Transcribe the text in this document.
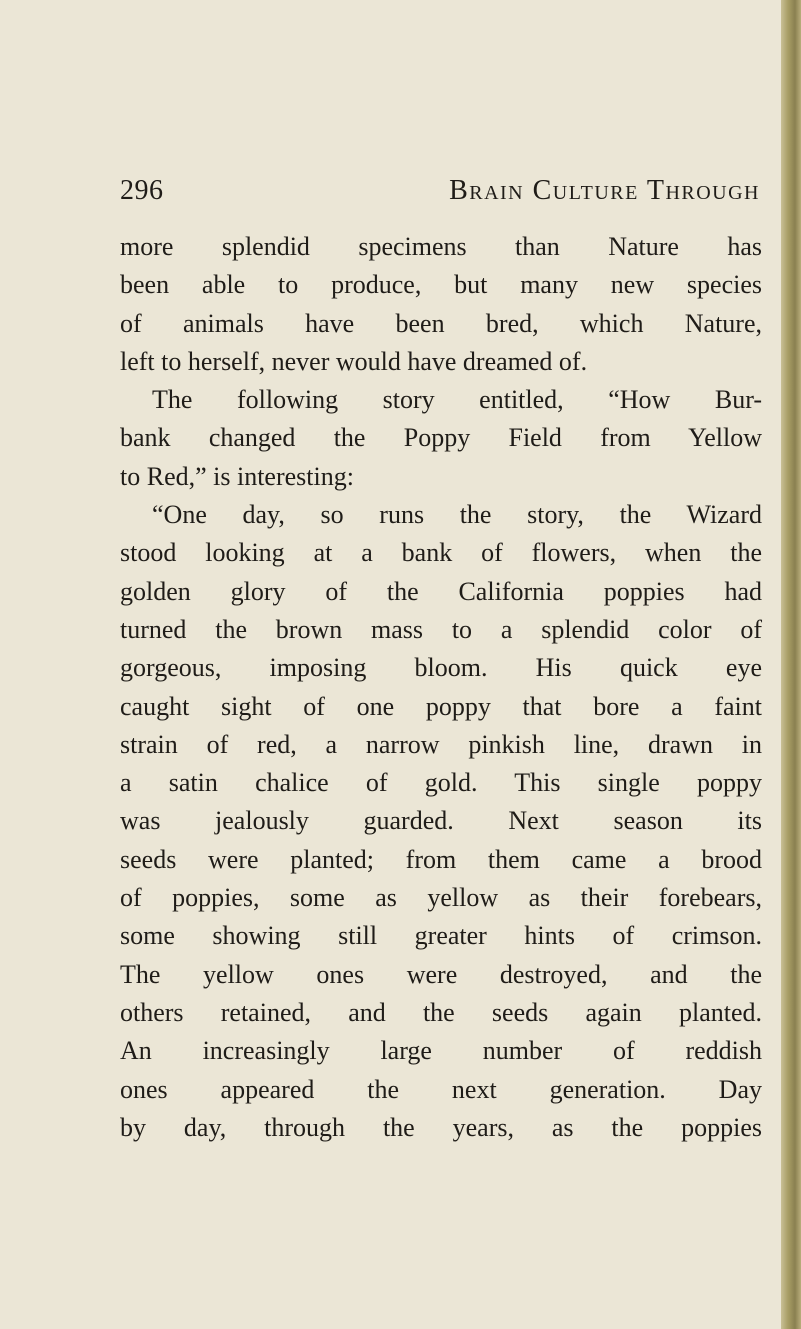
296	Brain Culture Through
more splendid specimens than Nature has
been able to produce, but many new species
of animals have been bred, which Nature,
left to herself, never would have dreamed of.
The following story entitled, “How Bur-
bank changed the Poppy Field from Yellow
to Red,” is interesting:
“One day, so runs the story, the Wizard
stood looking at a bank of flowers, when the
golden glory of the California poppies had
turned the brown mass to a splendid color of
gorgeous, imposing bloom. His quick eye
caught sight of one poppy that bore a faint
strain of red, a narrow pinkish line, drawn in
a satin chalice of gold. This single poppy
was jealously guarded. Next season its
seeds were planted; from them came a brood
of poppies, some as yellow as their forebears,
some showing still greater hints of crimson.
The yellow ones were destroyed, and the
others retained, and the seeds again planted.
An increasingly large number of reddish
ones appeared the next generation. Day
by day, through the years, as the poppies
